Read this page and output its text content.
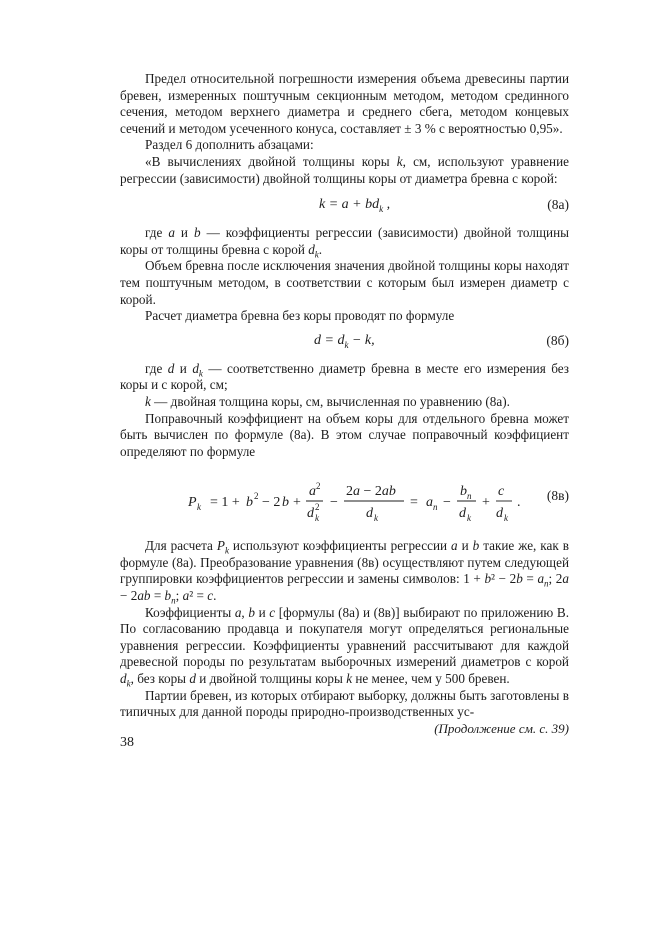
Предел относительной погрешности измерения объема древесины партии бревен, измеренных поштучным секционным методом, методом срединного сечения, методом верхнего диаметра и среднего сбега, методом концевых сечений и методом усеченного конуса, составляет ± 3 % с вероятностью 0,95».

Раздел 6 дополнить абзацами:

«В вычислениях двойной толщины коры k, см, используют уравнение регрессии (зависимости) двойной толщины коры от диаметра бревна с корой:

$k = a + bd_k$ ,	(8а)

где a и b — коэффициенты регрессии (зависимости) двойной толщины коры от толщины бревна с корой $d_k$.

Объем бревна после исключения значения двойной толщины коры находят тем поштучным методом, в соответствии с которым был измерен диаметр с корой.

Расчет диаметра бревна без коры проводят по формуле

$d = d_k - k$,	(8б)

где d и $d_k$ — соответственно диаметр бревна в месте его измерения без коры и с корой, см;

k — двойная толщина коры, см, вычисленная по уравнению (8а).

Поправочный коэффициент на объем коры для отдельного бревна может быть вычислен по формуле (8а). В этом случае поправочный коэффициент определяют по формуле

P k = 1 + b 2 − 2 b +
a 2
d 2
k
−
2a − 2ab
d k
= a n −
b n
d k
+
c
d k
. (8в)

Для расчета $P_k$ используют коэффициенты регрессии a и b такие же, как в формуле (8а). Преобразование уравнения (8в) осуществляют путем следующей группировки коэффициентов регрессии и замены символов: $1 + b^2 - 2b = a_n$; $2a - 2ab = b_n$; a² = c.

Коэффициенты a, b и c [формулы (8а) и (8в)] выбирают по приложению В. По согласованию продавца и покупателя могут определяться региональные уравнения регрессии. Коэффициенты уравнений рассчитывают для каждой древесной породы по результатам выборочных измерений диаметров с корой $d_k$, без коры d и двойной толщины коры k не менее, чем у 500 бревен.

Партии бревен, из которых отбирают выборку, должны быть заготовлены в типичных для данной породы природно-производственных ус-

(Продолжение см. с. 39)

38
